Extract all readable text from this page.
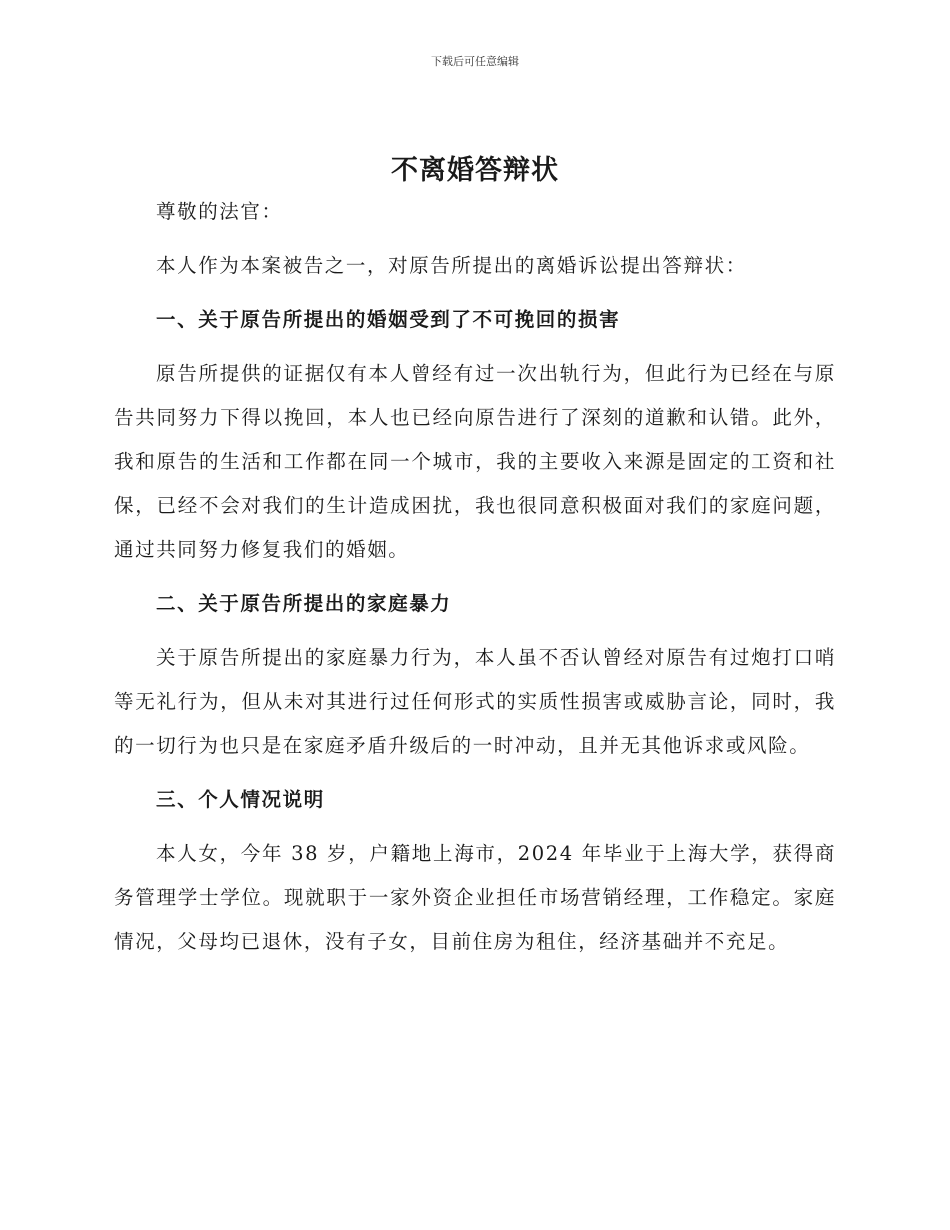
下载后可任意编辑
不离婚答辩状

尊敬的法官：

本人作为本案被告之一，对原告所提出的离婚诉讼提出答辩状：

一、关于原告所提出的婚姻受到了不可挽回的损害

原告所提供的证据仅有本人曾经有过一次出轨行为，但此行为已经在与原告共同努力下得以挽回，本人也已经向原告进行了深刻的道歉和认错。此外，我和原告的生活和工作都在同一个城市，我的主要收入来源是固定的工资和社保，已经不会对我们的生计造成困扰，我也很同意积极面对我们的家庭问题，通过共同努力修复我们的婚姻。

二、关于原告所提出的家庭暴力

关于原告所提出的家庭暴力行为，本人虽不否认曾经对原告有过炮打口哨等无礼行为，但从未对其进行过任何形式的实质性损害或威胁言论，同时，我的一切行为也只是在家庭矛盾升级后的一时冲动，且并无其他诉求或风险。

三、个人情况说明

本人女，今年 38 岁，户籍地上海市，2024 年毕业于上海大学，获得商务管理学士学位。现就职于一家外资企业担任市场营销经理，工作稳定。家庭情况，父母均已退休，没有子女，目前住房为租住，经济基础并不充足。
